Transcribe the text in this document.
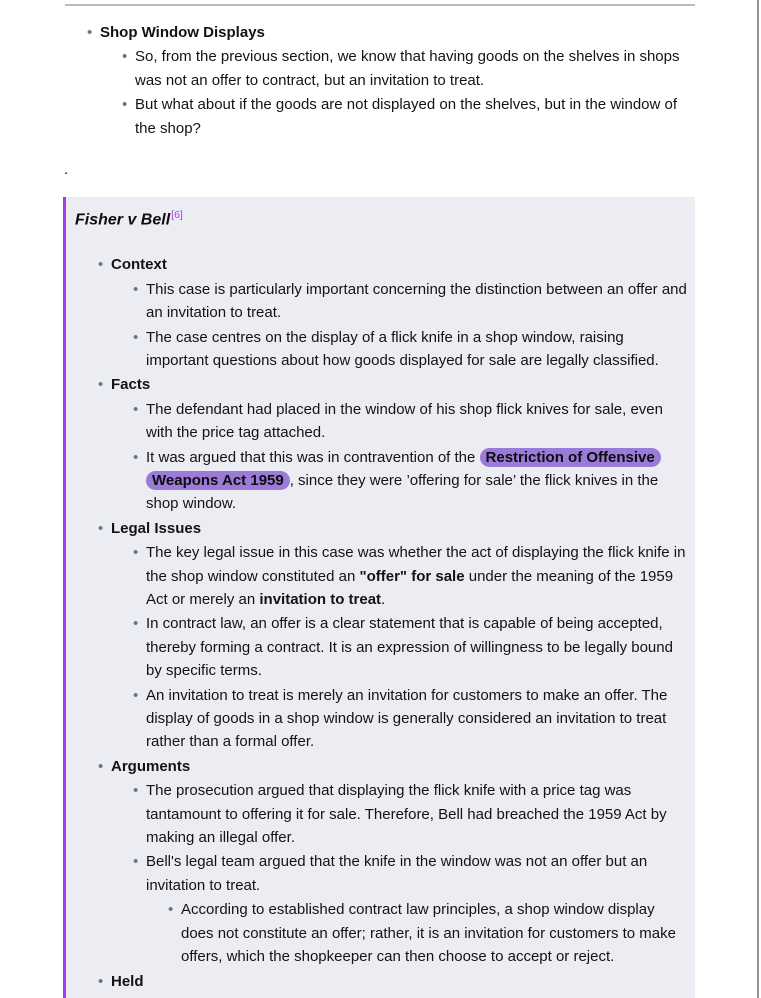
• Shop Window Displays
• So, from the previous section, we know that having goods on the shelves in shops was not an offer to contract, but an invitation to treat.
• But what about if the goods are not displayed on the shelves, but in the window of the shop?

.

Fisher v Bell[6]
• Context
• This case is particularly important concerning the distinction between an offer and an invitation to treat.
• The case centres on the display of a flick knife in a shop window, raising important questions about how goods displayed for sale are legally classified.
• Facts
• The defendant had placed in the window of his shop flick knives for sale, even with the price tag attached.
• It was argued that this was in contravention of the Restriction of Offensive Weapons Act 1959 , since they were ’offering for sale’ the flick knives in the shop window.
• Legal Issues
• The key legal issue in this case was whether the act of displaying the flick knife in the shop window constituted an "offer" for sale under the meaning of the 1959 Act or merely an invitation to treat.
• In contract law, an offer is a clear statement that is capable of being accepted, thereby forming a contract. It is an expression of willingness to be legally bound by specific terms.
• An invitation to treat is merely an invitation for customers to make an offer. The display of goods in a shop window is generally considered an invitation to treat rather than a formal offer.
• Arguments
• The prosecution argued that displaying the flick knife with a price tag was tantamount to offering it for sale. Therefore, Bell had breached the 1959 Act by making an illegal offer.
• Bell's legal team argued that the knife in the window was not an offer but an invitation to treat.
• According to established contract law principles, a shop window display does not constitute an offer; rather, it is an invitation for customers to make offers, which the shopkeeper can then choose to accept or reject.
• Held
